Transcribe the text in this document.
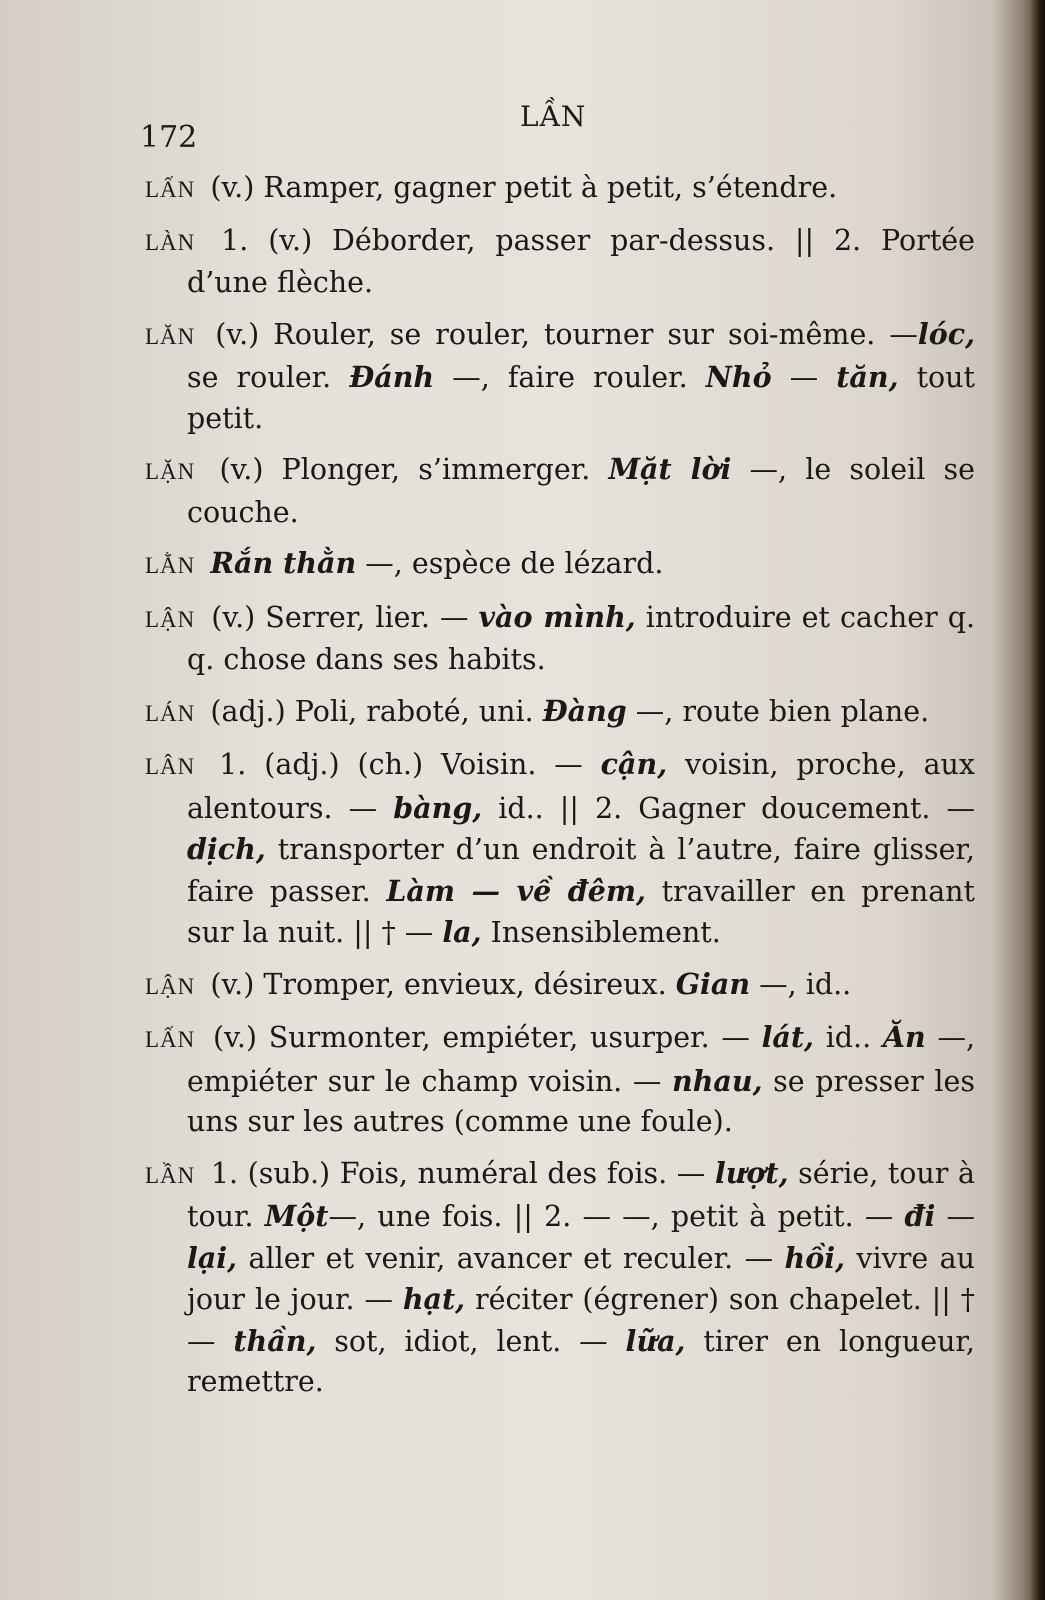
172
LẦN

LẤN (v.) Ramper, gagner petit à petit, s’étendre.

LÀN 1. (v.) Déborder, passer par-dessus. || 2. Portée d’une flèche.

LĂN (v.) Rouler, se rouler, tourner sur soi-même. —lóc, se rouler. Đánh —, faire rouler. Nhỏ — tăn, tout petit.

LẶN (v.) Plonger, s’immerger. Mặt lời —, le soleil se couche.

LẰN Rắn thằn —, espèce de lézard.

LẬN (v.) Serrer, lier. — vào mình, introduire et cacher q. q. chose dans ses habits.

LÁN (adj.) Poli, raboté, uni. Đàng —, route bien plane.

LÂN 1. (adj.) (ch.) Voisin. — cận, voisin, proche, aux alentours. — bàng, id.. || 2. Gagner doucement. — dịch, transporter d’un endroit à l’autre, faire glisser, faire passer. Làm — về đêm, travailler en prenant sur la nuit. || † — la, Insensiblement.

LẬN (v.) Tromper, envieux, désireux. Gian —, id..

LẤN (v.) Surmonter, empiéter, usurper. — lát, id.. Ăn —, empiéter sur le champ voisin. — nhau, se presser les uns sur les autres (comme une foule).

LẦN 1. (sub.) Fois, numéral des fois. — lượt, série, tour à tour. Một—, une fois. || 2. — —, petit à petit. — đi — lại, aller et venir, avancer et reculer. — hồi, vivre au jour le jour. — hạt, réciter (égrener) son chapelet. || † — thần, sot, idiot, lent. — lữa, tirer en longueur, remettre.
